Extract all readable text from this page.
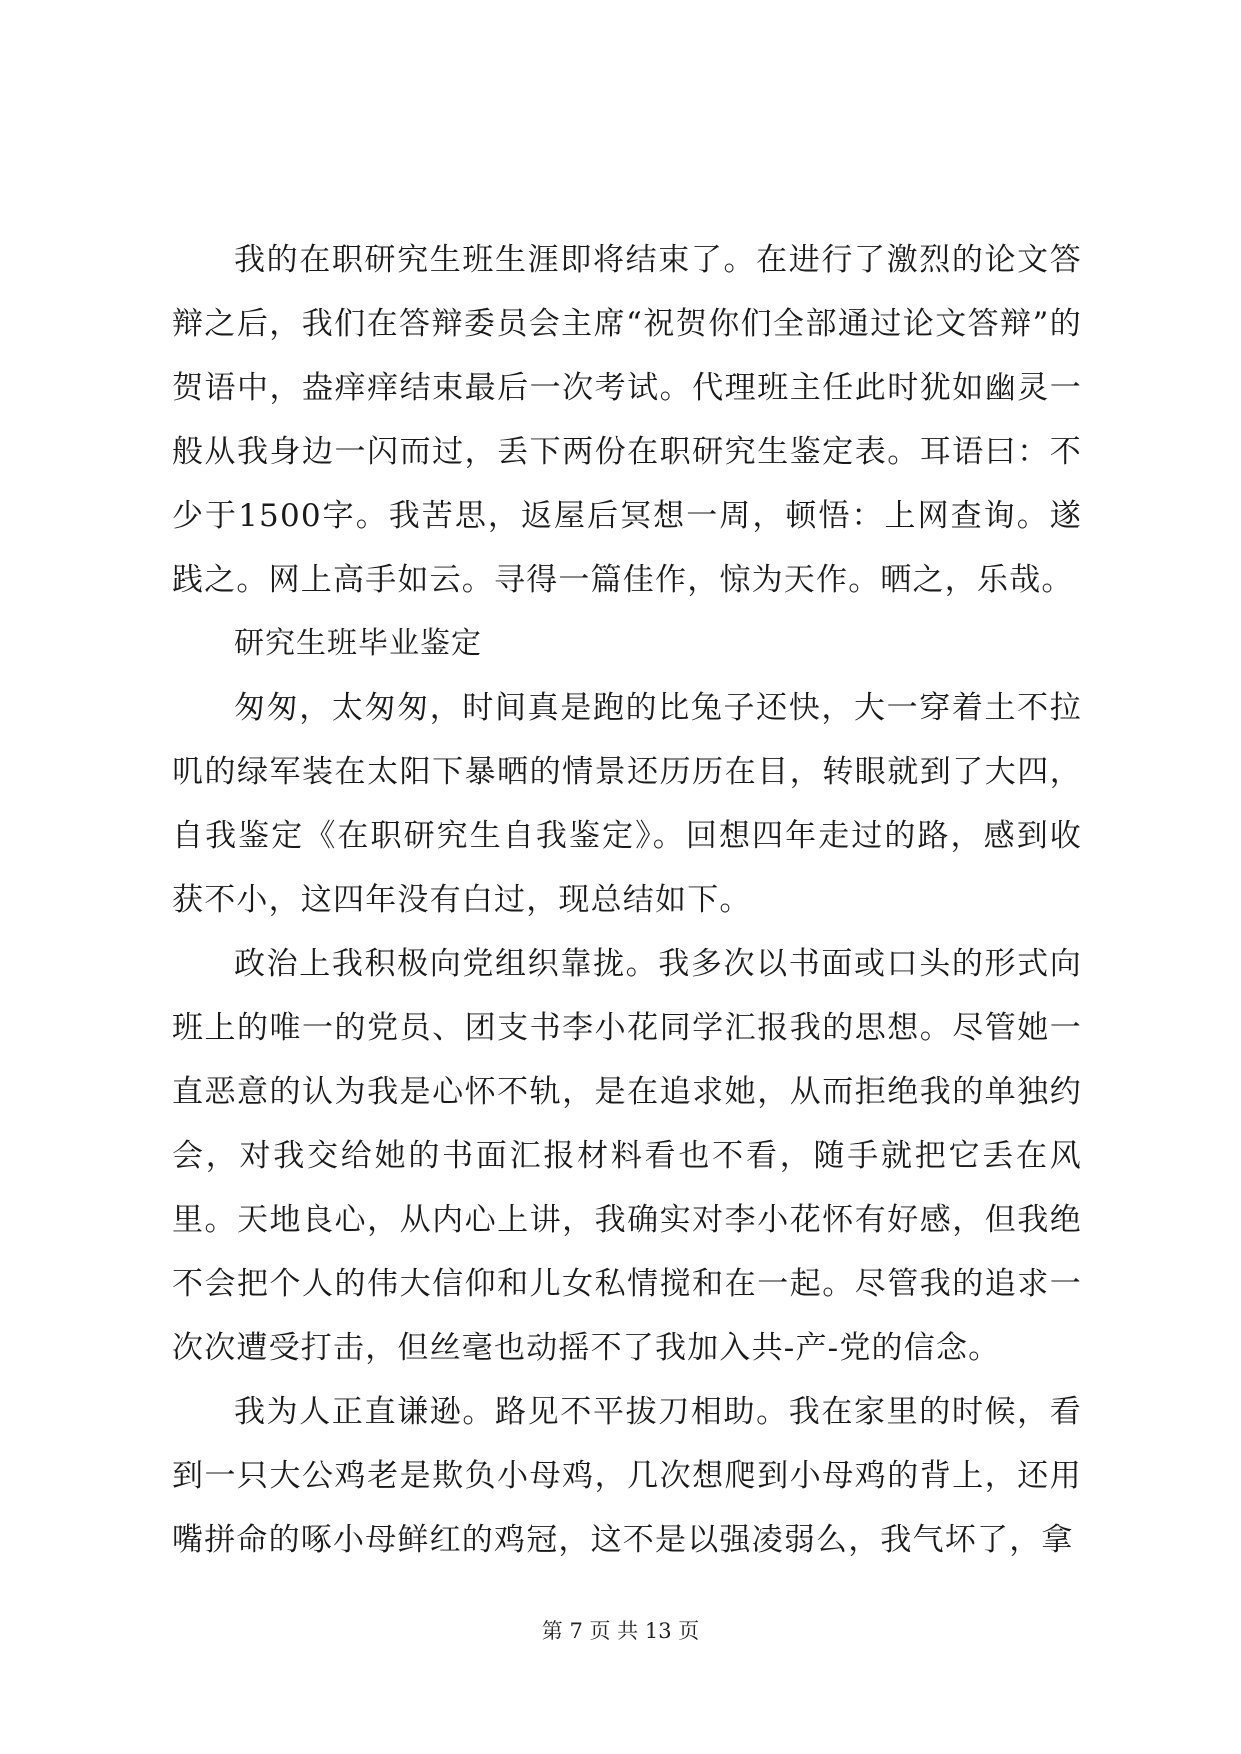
我的在职研究生班生涯即将结束了。在进行了激烈的论文答辩之后，我们在答辩委员会主席“祝贺你们全部通过论文答辩”的贺语中，盎痒痒结束最后一次考试。代理班主任此时犹如幽灵一般从我身边一闪而过，丢下两份在职研究生鉴定表。耳语曰：不少于1500字。我苦思，返屋后冥想一周，顿悟：上网查询。遂践之。网上高手如云。寻得一篇佳作，惊为天作。晒之，乐哉。

研究生班毕业鉴定

匆匆，太匆匆，时间真是跑的比兔子还快，大一穿着土不拉叽的绿军装在太阳下暴晒的情景还历历在目，转眼就到了大四，自我鉴定《在职研究生自我鉴定》。回想四年走过的路，感到收获不小，这四年没有白过，现总结如下。

政治上我积极向党组织靠拢。我多次以书面或口头的形式向班上的唯一的党员、团支书李小花同学汇报我的思想。尽管她一直恶意的认为我是心怀不轨，是在追求她，从而拒绝我的单独约会，对我交给她的书面汇报材料看也不看，随手就把它丢在风里。天地良心，从内心上讲，我确实对李小花怀有好感，但我绝不会把个人的伟大信仰和儿女私情搅和在一起。尽管我的追求一次次遭受打击，但丝毫也动摇不了我加入共-产-党的信念。

我为人正直谦逊。路见不平拔刀相助。我在家里的时候，看到一只大公鸡老是欺负小母鸡，几次想爬到小母鸡的背上，还用嘴拼命的啄小母鲜红的鸡冠，这不是以强凌弱么，我气坏了，拿

第 7 页 共 13 页
